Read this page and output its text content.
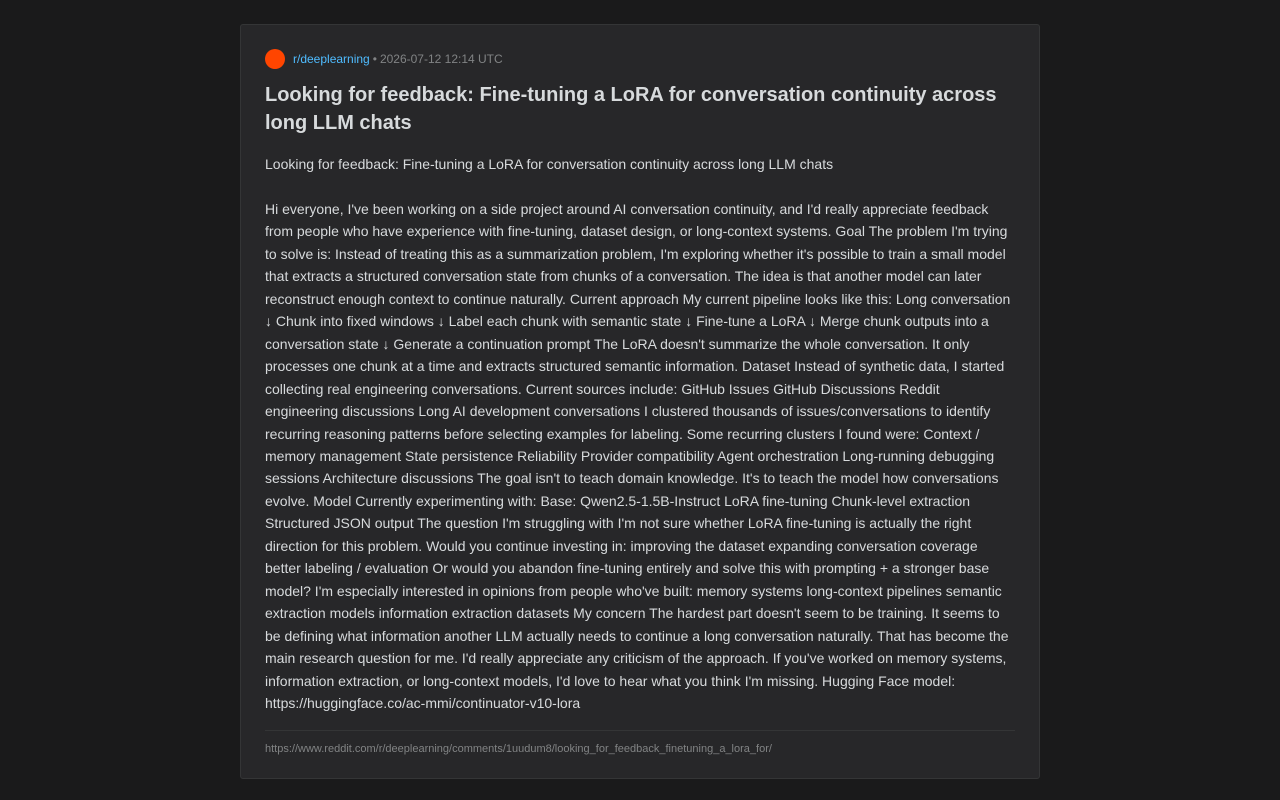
r/deeplearning • 2026-07-12 12:14 UTC
Looking for feedback: Fine-tuning a LoRA for conversation continuity across long LLM chats

Looking for feedback: Fine-tuning a LoRA for conversation continuity across long LLM chats

Hi everyone, I've been working on a side project around AI conversation continuity, and I'd really appreciate feedback from people who have experience with fine-tuning, dataset design, or long-context systems. Goal The problem I'm trying to solve is: Instead of treating this as a summarization problem, I'm exploring whether it's possible to train a small model that extracts a structured conversation state from chunks of a conversation. The idea is that another model can later reconstruct enough context to continue naturally. Current approach My current pipeline looks like this: Long conversation ↓ Chunk into fixed windows ↓ Label each chunk with semantic state ↓ Fine-tune a LoRA ↓ Merge chunk outputs into a conversation state ↓ Generate a continuation prompt The LoRA doesn't summarize the whole conversation. It only processes one chunk at a time and extracts structured semantic information. Dataset Instead of synthetic data, I started collecting real engineering conversations. Current sources include: GitHub Issues GitHub Discussions Reddit engineering discussions Long AI development conversations I clustered thousands of issues/conversations to identify recurring reasoning patterns before selecting examples for labeling. Some recurring clusters I found were: Context / memory management State persistence Reliability Provider compatibility Agent orchestration Long-running debugging sessions Architecture discussions The goal isn't to teach domain knowledge. It's to teach the model how conversations evolve. Model Currently experimenting with: Base: Qwen2.5-1.5B-Instruct LoRA fine-tuning Chunk-level extraction Structured JSON output The question I'm struggling with I'm not sure whether LoRA fine-tuning is actually the right direction for this problem. Would you continue investing in: improving the dataset expanding conversation coverage better labeling / evaluation Or would you abandon fine-tuning entirely and solve this with prompting + a stronger base model? I'm especially interested in opinions from people who've built: memory systems long-context pipelines semantic extraction models information extraction datasets My concern The hardest part doesn't seem to be training. It seems to be defining what information another LLM actually needs to continue a long conversation naturally. That has become the main research question for me. I'd really appreciate any criticism of the approach. If you've worked on memory systems, information extraction, or long-context models, I'd love to hear what you think I'm missing. Hugging Face model: https://huggingface.co/ac-mmi/continuator-v10-lora

https://www.reddit.com/r/deeplearning/comments/1uudum8/looking_for_feedback_finetuning_a_lora_for/
